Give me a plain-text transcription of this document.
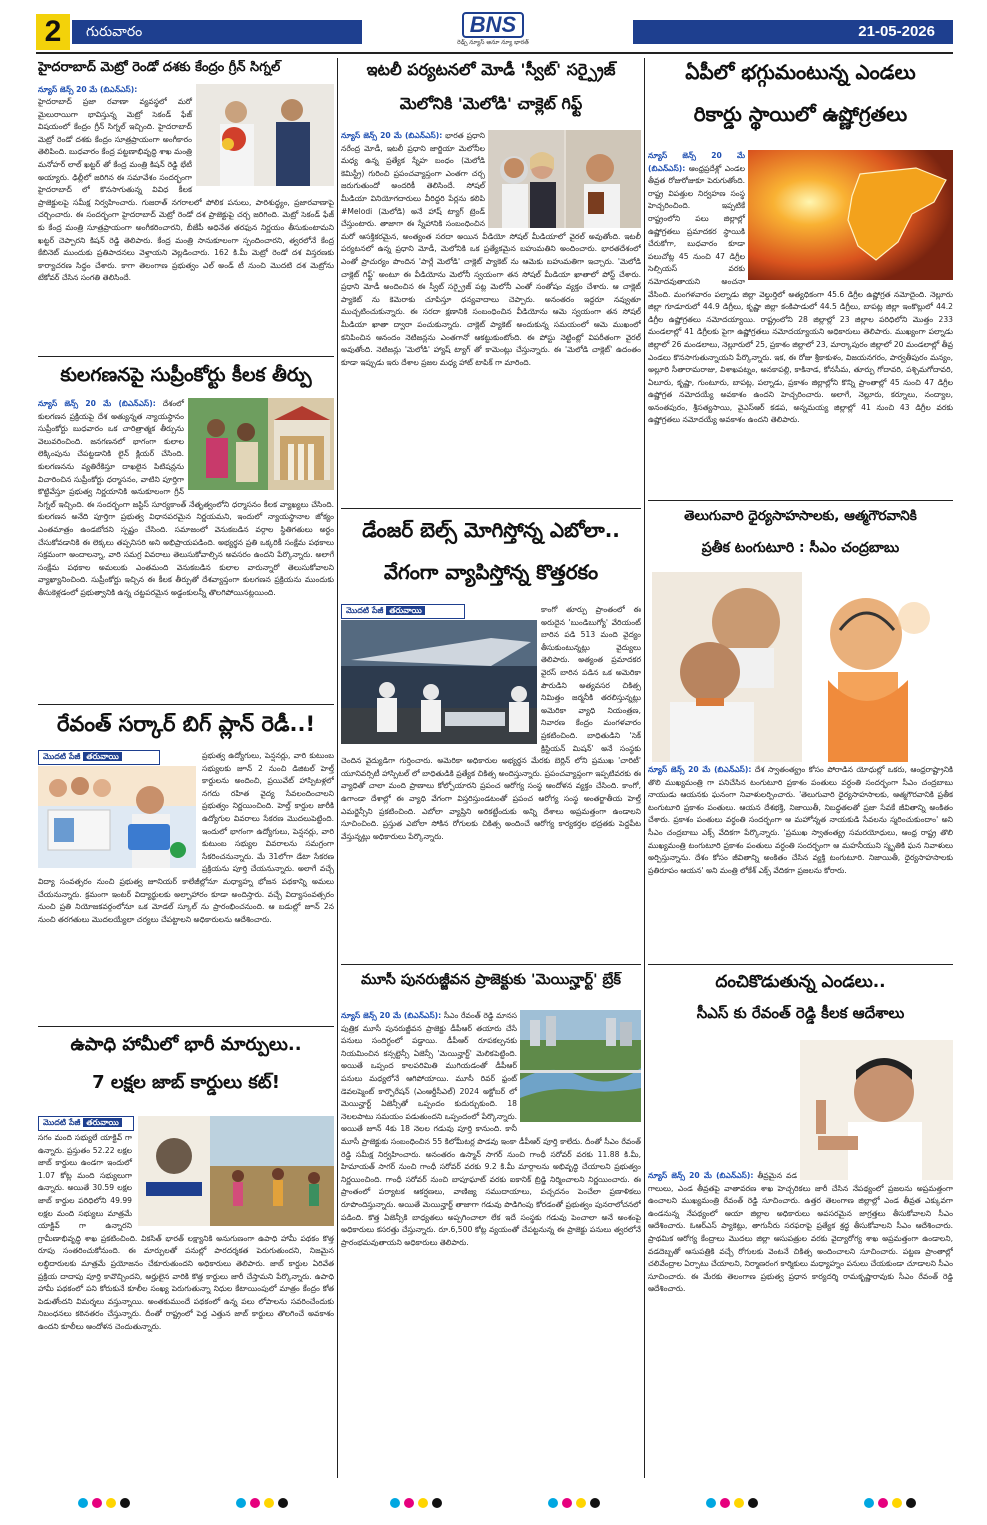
2	గురువారం	BNS
రెఢ్స్ న్యూస్ అనూ న్యూ భారత్
21-05-2026
హైదరాబాద్ మెట్రో రెండో దశకు కేంద్రం గ్రీన్ సిగ్నల్
న్యూస్ జెన్స్ 20 మే (బిఎన్ఎస్):
హైదరాబాద్ ప్రజా రవాణా వ్యవస్థలో మరో మైలురాయిగా భావిస్తున్న మెట్రో సెకండ్ ఫేజ్ విషయంలో కేంద్రం గ్రీన్ సిగ్నల్ ఇచ్చింది. హైదరాబాద్ మెట్రో రెండో దశకు కేంద్రం సూత్రప్రాయంగా అంగీకారం తెలిపింది. బుధవారం కేంద్ర పట్టణాభివృద్ధి శాఖ మంత్రి మనోహర్ లాల్ ఖట్టర్ తో కేంద్ర మంత్రి కిషన్ రెడ్డి భేటీ అయ్యారు. ఢిల్లీలో జరిగిన ఈ సమావేశం సందర్భంగా హైదరాబాద్ లో కొనసాగుతున్న వివిధ కీలక ప్రాజెక్టులపై సమీక్ష నిర్వహించారు. గుజరాత్ నగరాలలో పోలిక పనులు, పారిశుద్ధ్యం, ప్రజారవాణాపై చర్చించారు. ఈ సందర్భంగా హైదరాబాద్ మెట్రో రెండో దశ ప్రాజెక్టుపై చర్చ జరిగింది. మెట్రో సెకండ్ ఫేజ్ కు కేంద్ర మంత్రి సూత్రప్రాయంగా అంగీకరించారని, బీజేపీ అధినేత తరఫున నిర్ణయం తీసుకుంటామని ఖట్టర్ చెప్పారని కిషన్ రెడ్డి తెలిపారు. కేంద్ర మంత్రి సానుకూలంగా స్పందించారని, త్వరలోనే కేంద్ర కేబినెట్ ముందుకు ప్రతిపాదనలు వెళ్తాయని వెల్లడించారు. 162 కి.మీ మెట్రో రెండో దశ విస్తరణకు కార్యాచరణ సిద్ధం చేశారు. కాగా తెలంగాణ ప్రభుత్వం ఎల్ అండ్ టీ నుంచి మొదటి దశ మెట్రోను టేకోవర్ చేసిన సంగతి తెలిసిందే.
కులగణనపై సుప్రీంకోర్టు కీలక తీర్పు
న్యూస్ జెన్స్ 20 మే (బిఎన్ఎస్): దేశంలో కులగణన ప్రక్రియపై దేశ అత్యున్నత న్యాయస్థానం సుప్రీంకోర్టు బుధవారం ఒక చారిత్రాత్మక తీర్పును వెలువరించింది. జనగణనలో భాగంగా కులాల లెక్కింపును చేపట్టడానికి లైన్ క్లియర్ చేసింది. కులగణనను వ్యతిరేకిస్తూ దాఖలైన పిటిషన్లను విచారించిన సుప్రీంకోర్టు ధర్మాసనం, వాటిని పూర్తిగా కొట్టివేస్తూ ప్రభుత్వ నిర్ణయానికి అనుకూలంగా గ్రీన్ సిగ్నల్ ఇచ్చింది. ఈ సందర్భంగా జస్టిస్ సూర్యకాంత్ నేతృత్వంలోని ధర్మాసనం కీలక వ్యాఖ్యలు చేసింది. కులగణన అనేది పూర్తిగా ప్రభుత్వ విధానపరమైన నిర్ణయమని, ఇందులో న్యాయస్థానాల జోక్యం ఎంతమాత్రం ఉండబోదని స్పష్టం చేసింది. సమాజంలో వెనుకబడిన వర్గాల స్థితిగతులు అర్థం చేసుకోవడానికి ఈ లెక్కలు తప్పనిసరి అని అభిప్రాయపడింది. అభ్యర్థన ప్రతి ఒక్కరికీ సంక్షేమ పథకాలు సక్రమంగా అందాలన్నా, వారి సమగ్ర వివరాలు తెలుసుకోవాల్సిన అవసరం ఉందని పేర్కొన్నారు. అలాగే సంక్షేమ పథకాల అమలుకు ఎంతమంది వెనుకబడిన కులాల వారున్నారో తెలుసుకోవాలని వ్యాఖ్యానించింది. సుప్రీంకోర్టు ఇచ్చిన ఈ కీలక తీర్పుతో దేశవ్యాప్తంగా కులగణన ప్రక్రియను ముందుకు తీసుకెళ్లడంలో ప్రభుత్వానికి ఉన్న చట్టపరమైన అడ్డంకులన్నీ తొలగిపోయినట్లయింది.
రేవంత్ సర్కార్ బిగ్ ప్లాన్ రెడీ..!
మొదటి పేజీ తరువాయి	ప్రభుత్వ ఉద్యోగులు, పెన్షనర్లు, వారి కుటుంబ సభ్యులకు జూన్ 2 నుంచి డిజిటల్ హెల్త్ కార్డులను అందించి, ప్రయివేట్ హాస్పిటళ్లలో నగదు రహిత వైద్య సేవలందించాలని ప్రభుత్వం నిర్ణయించింది. హెల్త్ కార్డుల జారీకి ఉద్యోగుల వివరాలు సేకరణ మొదలుపెట్టింది. ఇందులో భాగంగా ఉద్యోగులు, పెన్షనర్లు, వారి కుటుంబ సభ్యుల వివరాలను సమగ్రంగా సేకరించనున్నారు. మే 31లోగా డేటా సేకరణ ప్రక్రియను పూర్తి చేయనున్నారు. అలాగే వచ్చే విద్యా సంవత్సరం నుంచి ప్రభుత్వ జూనియర్ కాలేజీల్లోనూ మధ్యాహ్న భోజన పథకాన్ని అమలు చేయనున్నారు. క్రమంగా ఇంటర్ విద్యార్థులకు అల్పాహారం కూడా అందిస్తారు. వచ్చే విద్యాసంవత్సరం నుంచి ప్రతి నియోజకవర్గంలోనూ ఒక మోడల్ స్కూల్ ను ప్రారంభించనుంది. ఆ బడుల్లో జూన్ 2న నుంచి తరగతులు మొదలయ్యేలా చర్యలు చేపట్టాలని అధికారులను ఆదేశించారు.
ఉపాధి హామీలో భారీ మార్పులు..
7 లక్షల జాబ్ కార్డులు కట్!
మొదటి పేజీ తరువాయి
సగం మంది సభ్యులే యాక్టివ్ గా ఉన్నారు. ప్రస్తుతం 52.22 లక్షల జాబ్ కార్డులు ఉండగా ఇందులో 1.07 కోట్ల మంది సభ్యులుగా ఉన్నారు. అయితే 30.59 లక్షల జాబ్ కార్డుల పరిధిలోని 49.99 లక్షల మంది సభ్యులు మాత్రమే యాక్టివ్ గా ఉన్నారని గ్రామీణాభివృద్ధి శాఖ ప్రకటించింది. వికసిత్ భారత్ లక్ష్యానికి అనుగుణంగా ఉపాధి హామీ పథకం కొత్త రూపు సంతరించుకోనుంది. ఈ మార్పులతో పనుల్లో పారదర్శకత పెరుగుతుందని, నిజమైన లబ్ధిదారులకు మాత్రమే ప్రయోజనం చేకూరుతుందని అధికారులు తెలిపారు. జాబ్ కార్డుల ఏరివేత ప్రక్రియ దాదాపు పూర్తి కావొచ్చిందని, అర్హులైన వారికి కొత్త కార్డులు జారీ చేస్తామని పేర్కొన్నారు. ఉపాధి హామీ పథకంలో పని కోరుకునే కూలీల సంఖ్య పెరుగుతున్నా నిధుల కేటాయింపులో మాత్రం కేంద్రం కోత పెడుతోందని విమర్శలు వస్తున్నాయి. అంతకుముందే పథకంలో ఉన్న పలు లోపాలను సవరించేందుకు నిబంధనలు కఠినతరం చేస్తున్నారు. దీంతో రాష్ట్రంలో పెద్ద ఎత్తున జాబ్ కార్డులు తొలగించే అవకాశం ఉందని కూలీలు ఆందోళన చెందుతున్నారు.
ఇటలీ పర్యటనలో మోడీ 'స్వీట్' సర్ప్రైజ్
మెలోనికి 'మెలోడి' చాక్లెట్ గిఫ్ట్
న్యూస్ జెన్స్ 20 మే (బిఎన్ఎస్): భారత ప్రధాని నరేంద్ర మోడీ, ఇటలీ ప్రధాని జార్జియా మెలోనీల మధ్య ఉన్న ప్రత్యేక స్నేహ బంధం (మెలోడి కెమిస్ట్రీ) గురించి ప్రపంచవ్యాప్తంగా ఎంతగా చర్చ జరుగుతుందో అందరికీ తెలిసిందే. సోషల్ మీడియా వినియోగదారులు వీరిద్దరి పేర్లను కలిపి #Melodi (మెలోడి) అనే హాష్ ట్యాగ్ ట్రెండ్ చేస్తుంటారు. తాజాగా ఈ స్నేహానికి సంబంధించిన మరో ఆసక్తికరమైన, అంత్యంత సరదా అయిన వీడియో సోషల్ మీడియాలో వైరల్ అవుతోంది. ఇటలీ పర్యటనలో ఉన్న ప్రధాని మోడీ, మెలోనికి ఒక ప్రత్యేకమైన బహుమతిని అందించారు. భారతదేశంలో ఎంతో ప్రాచుర్యం పొందిన 'పార్లే మెలోడి' చాక్లెట్ ప్యాకెట్ ను ఆమెకు బహుమతిగా ఇచ్చారు. 'మెలోడి చాక్లెట్ గిఫ్ట్' అంటూ ఈ వీడియోను మెలోనీ స్వయంగా తన సోషల్ మీడియా ఖాతాలో పోస్ట్ చేశారు. ప్రధాని మోడీ అందించిన ఈ స్వీట్ సర్ప్రైజ్ పట్ల మెలోనీ ఎంతో సంతోషం వ్యక్తం చేశారు. ఆ చాక్లెట్ ప్యాకెట్ ను కెమెరాకు చూపిస్తూ ధన్యవాదాలు చెప్పారు. అనంతరం ఇద్దరూ నవ్వుతూ ముచ్చటించుకున్నారు. ఈ సరదా క్షణానికి సంబంధించిన వీడియోను ఆమె స్వయంగా తన సోషల్ మీడియా ఖాతా ద్వారా పంచుకున్నారు. చాక్లెట్ ప్యాకెట్ అందుకున్న సమయంలో ఆమె ముఖంలో కనిపించిన ఆనందం నెటిజన్లను ఎంతగానో ఆకట్టుకుంటోంది. ఈ పోస్టు నెట్టింట్లో విపరీతంగా వైరల్ అవుతోంది. నెటిజన్లు 'మెలోడి' హ్యాష్ ట్యాగ్ తో కామెంట్లు చేస్తున్నారు. ఈ 'మెలోడి చాక్లెట్' ఉదంతం కూడా ఇప్పుడు ఇరు దేశాల ప్రజల మధ్య హాట్ టాపిక్ గా మారింది.
డేంజర్ బెల్స్ మోగిస్తోన్న ఎబోలా..
వేగంగా వ్యాపిస్తోన్న కొత్తరకం
మొదటి పేజీ తరువాయి	కాంగో తూర్పు ప్రాంతంలో ఈ అరుదైన 'బుండిబుగ్యో' వేరియంట్ బారిన పడి 513 మంది వైద్యం తీసుకుంటున్నట్లు వైద్యులు తెలిపారు. అత్యంత ప్రమాదకర వైరస్ బారిన పడిన ఒక అమెరికా పౌరుడిని అత్యవసర చికిత్స నిమిత్తం జర్మనీకి తరలిస్తున్నట్లు అమెరికా వ్యాధి నియంత్రణ, నివారణ కేంద్రం మంగళవారం ప్రకటించింది. బాధితుడిని 'సెక్ క్రిస్టియన్ మిషన్' అనే సంస్థకు చెందిన వైద్యుడిగా గుర్తించారు. అమెరికా అధికారుల అభ్యర్థన మేరకు బెర్లిన్ లోని ప్రముఖ 'చారిటీ' యూనివర్సిటీ హాస్పిటల్ లో బాధితుడికి ప్రత్యేక చికిత్స అందిస్తున్నారు. ప్రపంచవ్యాప్తంగా ఇప్పటివరకు ఈ వ్యాధితో చాలా మంది ప్రాణాలు కోల్పోయారని ప్రపంచ ఆరోగ్య సంస్థ ఆందోళన వ్యక్తం చేసింది. కాంగో, ఉగాండా దేశాల్లో ఈ వ్యాధి వేగంగా విస్తరిస్తుండటంతో ప్రపంచ ఆరోగ్య సంస్థ అంతర్జాతీయ హెల్త్ ఎమర్జెన్సీని ప్రకటించింది. ఎబోలా వ్యాప్తిని అరికట్టేందుకు అన్ని దేశాలు అప్రమత్తంగా ఉండాలని సూచించింది. ప్రస్తుత ఎబోలా సోకిన రోగులకు చికిత్స అందించే ఆరోగ్య కార్యకర్తల భద్రతకు పెద్దపీట వేస్తున్నట్లు అధికారులు పేర్కొన్నారు.
మూసీ పునరుజ్జీవన ప్రాజెక్టుకు 'మెయిన్హార్ట్' బ్రేక్
న్యూస్ జెన్స్ 20 మే (బిఎన్ఎస్): సీఎం రేవంత్ రెడ్డి మానస పుత్రిక మూసీ పునరుజ్జీవన ప్రాజెక్టు డీపీఆర్ తయారు చేసే పనులు సందిగ్ధంలో పడ్డాయి. డీపీఆర్ రూపకల్పనకు నియమించిన కన్సల్టెన్సీ ఏజెన్సీ 'మెయిన్హార్ట్' మెలికపెట్టింది. అయితే ఒప్పంద కాలపరిమితి ముగియడంతో డీపీఆర్ పనులు మధ్యలోనే ఆగిపోయాయి. మూసీ రివర్ ఫ్రంట్ డెవలప్మెంట్ కార్పొరేషన్ (ఎంఆర్డీసీఎల్) 2024 అక్టోబర్ లో మెయిన్హార్ట్ ఏజెన్సీతో ఒప్పందం కుదుర్చుకుంది. 18 నెలలపాటు సమయం పడుతుందని ఒప్పందంలో పేర్కొన్నారు. అయితే జూన్ 4కు 18 నెలల గడువు పూర్తి కానుంది. కానీ మూసీ ప్రాజెక్టుకు సంబంధించిన 55 కిలోమీటర్ల పొడవు ఇంకా డీపీఆర్ పూర్తి కాలేదు. దీంతో సీఎం రేవంత్ రెడ్డి సమీక్ష నిర్వహించారు. అనంతరం ఉస్మాన్ సాగర్ నుంచి గాంధీ సరోవర్ వరకు 11.88 కి.మీ, హిమాయత్ సాగర్ నుంచి గాంధీ సరోవర్ వరకు 9.2 కి.మీ మార్గాలను అభివృద్ధి చేయాలని ప్రభుత్వం నిర్ణయించింది. గాంధీ సరోవర్ నుంచి బాపూఘాట్ వరకు ఐకానిక్ బ్రిడ్జి నిర్మించాలని నిర్ణయించారు. ఈ ప్రాంతంలో పర్యాటక ఆకర్షణలు, వాణిజ్య సముదాయాలు, పచ్చదనం పెంచేలా ప్రణాళికలు రూపొందిస్తున్నారు. అయితే మెయిన్హార్ట్ తాజాగా గడువు పొడిగింపు కోరడంతో ప్రభుత్వం పునరాలోచనలో పడింది. కొత్త ఏజెన్సీకి బాధ్యతలు అప్పగించాలా లేక ఇదే సంస్థకు గడువు పెంచాలా అనే అంశంపై అధికారులు కసరత్తు చేస్తున్నారు. రూ.6,500 కోట్ల వ్యయంతో చేపట్టనున్న ఈ ప్రాజెక్టు పనులు త్వరలోనే ప్రారంభమవుతాయని అధికారులు తెలిపారు.
ఏపీలో భగ్గుమంటున్న ఎండలు
రికార్డు స్థాయిలో ఉష్ణోగ్రతలు
న్యూస్ జెన్స్ 20 మే (బిఎన్ఎస్): ఆంధ్రప్రదేశ్లో ఎండల తీవ్రత రోజురోజుకూ పెరుగుతోంది. రాష్ట్ర విపత్తుల నిర్వహణ సంస్థ హెచ్చరించింది. ఇప్పటికే రాష్ట్రంలోని పలు జిల్లాల్లో ఉష్ణోగ్రతలు ప్రమాదకర స్థాయికి చేరుకోగా, బుధవారం కూడా పలుచోట్ల 45 నుంచి 47 డిగ్రీల సెల్సియస్ వరకు నమోదవుతాయని అంచనా వేసింది. మంగళవారం పల్నాడు జిల్లా వెల్దుర్తిలో అత్యధికంగా 45.6 డిగ్రీల ఉష్ణోగ్రత నమోదైంది. నెల్లూరు జిల్లా గూడూరులో 44.9 డిగ్రీలు, కృష్ణా జిల్లా కంకిపాడులో 44.5 డిగ్రీలు, బాపట్ల జిల్లా ఇంకొల్లులో 44.2 డిగ్రీల ఉష్ణోగ్రతలు నమోదయ్యాయి. రాష్ట్రంలోని 28 జిల్లాల్లో 23 జిల్లాల పరిధిలోని మొత్తం 233 మండలాల్లో 41 డిగ్రీలకు పైగా ఉష్ణోగ్రతలు నమోదయ్యాయని అధికారులు తెలిపారు. ముఖ్యంగా పల్నాడు జిల్లాలో 26 మండలాలు, నెల్లూరులో 25, ప్రకాశం జిల్లాలో 23, మార్కాపురం జిల్లాలో 20 మండలాల్లో తీవ్ర ఎండలు కొనసాగుతున్నాయని పేర్కొన్నారు. ఇక, ఈ రోజు శ్రీకాకుళం, విజయనగరం, పార్వతీపురం మన్యం, అల్లూరి సీతారామరాజు, విశాఖపట్నం, అనకాపల్లి, కాకినాడ, కోనసీమ, తూర్పు గోదావరి, పశ్చిమగోదావరి, ఏలూరు, కృష్ణా, గుంటూరు, బాపట్ల, పల్నాడు, ప్రకాశం జిల్లాల్లోని కొన్ని ప్రాంతాల్లో 45 నుంచి 47 డిగ్రీల ఉష్ణోగ్రత నమోదయ్యే అవకాశం ఉందని హెచ్చరించారు. అలాగే, నెల్లూరు, కర్నూలు, నంద్యాల, అనంతపురం, శ్రీసత్యసాయి, వైఎస్ఆర్ కడప, అన్నమయ్య జిల్లాల్లో 41 నుంచి 43 డిగ్రీల వరకు ఉష్ణోగ్రతలు నమోదయ్యే అవకాశం ఉందని తెలిపారు.
తెలుగువారి ధైర్యసాహసాలకు, ఆత్మగౌరవానికి
ప్రతీక టంగుటూరి : సీఎం చంద్రబాబు
న్యూస్ జెన్స్ 20 మే (బిఎన్ఎస్): దేశ స్వాతంత్య్రం కోసం పోరాడిన యోధుల్లో ఒకరు, ఆంధ్రరాష్ట్రానికి తొలి ముఖ్యమంత్రి గా పనిచేసిన టంగుటూరి ప్రకాశం పంతులు వర్ధంతి సందర్భంగా సీఎం చంద్రబాబు నాయుడు ఆయనకు ఘనంగా నివాళులర్పించారు. 'తెలుగువారి ధైర్యసాహసాలకు, ఆత్మగౌరవానికి ప్రతీక టంగుటూరి ప్రకాశం పంతులు. ఆయన దేశభక్తి, నిజాయితీ, నిబద్ధతలతో ప్రజా సేవకే జీవితాన్ని అంకితం చేశారు. ప్రకాశం పంతులు వర్ధంతి సందర్భంగా ఆ మహోన్నత నాయకుడి సేవలను స్మరించుకుందాం' అని సీఎం చంద్రబాబు ఎక్స్ వేదికగా పేర్కొన్నారు. 'ప్రముఖ స్వాతంత్య్ర సమరయోధులు, ఆంధ్ర రాష్ట్ర తొలి ముఖ్యమంత్రి టంగుటూరి ప్రకాశం పంతులు వర్ధంతి సందర్భంగా ఆ మహనీయుని స్మృతికి ఘన నివాళులు అర్పిస్తున్నాను. దేశం కోసం జీవితాన్ని అంకితం చేసిన వ్యక్తి టంగుటూరి. నిజాయితీ, ధైర్యసాహసాలకు ప్రతిరూపం ఆయన' అని మంత్రి లోకేశ్ ఎక్స్ వేదికగా ప్రజలను కోరారు.
దంచికొడుతున్న ఎండలు..
సీఎస్ కు రేవంత్ రెడ్డి కీలక ఆదేశాలు
న్యూస్ జెన్స్ 20 మే (బిఎన్ఎస్): తీవ్రమైన వడ గాలులు, ఎండ తీవ్రతపై వాతావరణ శాఖ హెచ్చరికలు జారీ చేసిన నేపథ్యంలో ప్రజలను అప్రమత్తంగా ఉంచాలని ముఖ్యమంత్రి రేవంత్ రెడ్డి సూచించారు. ఉత్తర తెలంగాణ జిల్లాల్లో ఎండ తీవ్రత ఎక్కువగా ఉండనున్న నేపథ్యంలో ఆయా జిల్లాల అధికారులు అవసరమైన జాగ్రత్తలు తీసుకోవాలని సీఎం ఆదేశించారు. ఓఆర్ఎస్ ప్యాకెట్లు, తాగునీరు సరఫరాపై ప్రత్యేక శ్రద్ధ తీసుకోవాలని సీఎం ఆదేశించారు. ప్రాథమిక ఆరోగ్య కేంద్రాలు మొదలు జిల్లా ఆసుపత్రుల వరకు వైద్యారోగ్య శాఖ అప్రమత్తంగా ఉండాలని, వడదెబ్బతో ఆసుపత్రికి వచ్చే రోగులకు వెంటనే చికిత్స అందించాలని సూచించారు. పట్టణ ప్రాంతాల్లో చలివేంద్రాల ఏర్పాటు చేయాలని, నిర్మాణరంగ కార్మికులు మధ్యాహ్నం పనులు చేయకుండా చూడాలని సీఎం సూచించారు. ఈ మేరకు తెలంగాణ ప్రభుత్వ ప్రధాన కార్యదర్శి రామకృష్ణారావుకు సీఎం రేవంత్ రెడ్డి ఆదేశించారు.
